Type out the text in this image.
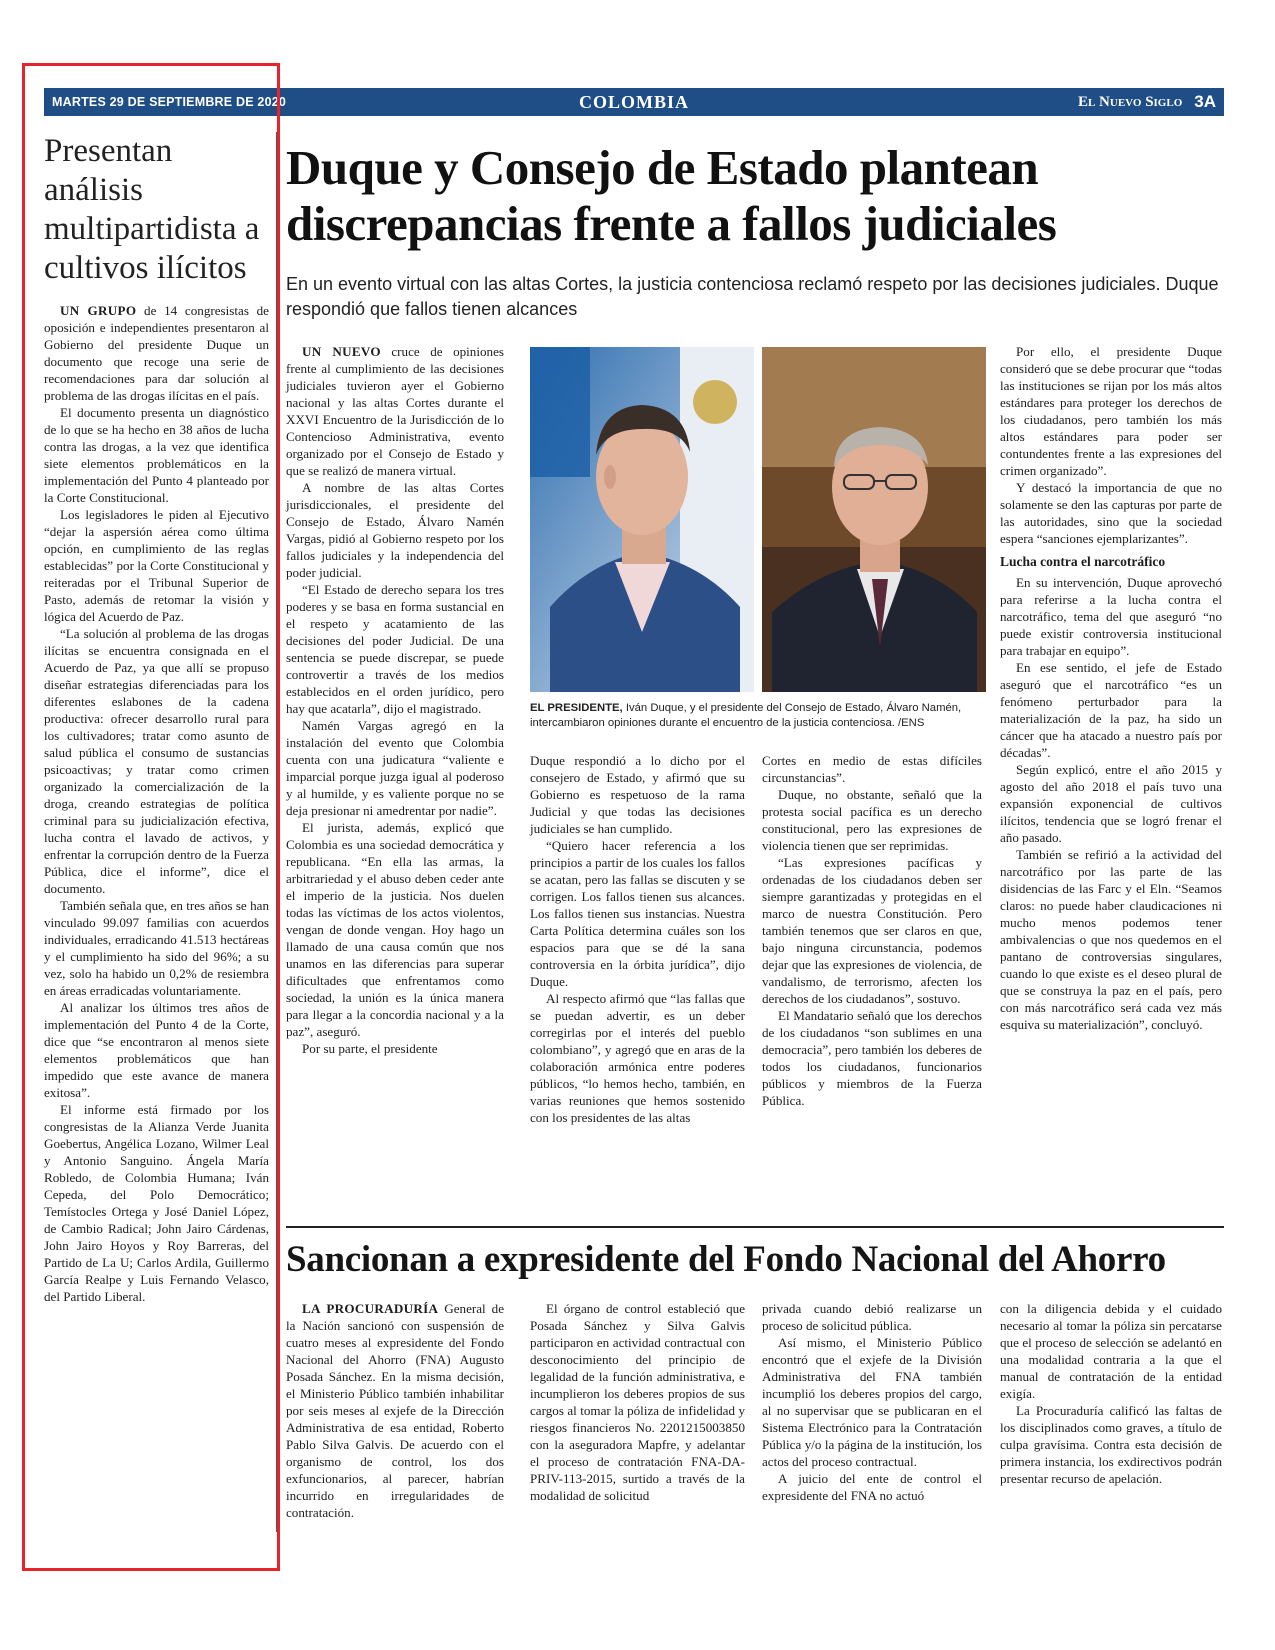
MARTES 29 DE SEPTIEMBRE DE 2020	COLOMBIA	El Nuevo Siglo 3A
Presentan análisis multipartidista a cultivos ilícitos

UN GRUPO de 14 congresistas de oposición e independientes presentaron al Gobierno del presidente Duque un documento que recoge una serie de recomendaciones para dar solución al problema de las drogas ilícitas en el país.

El documento presenta un diagnóstico de lo que se ha hecho en 38 años de lucha contra las drogas, a la vez que identifica siete elementos problemáticos en la implementación del Punto 4 planteado por la Corte Constitucional.

Los legisladores le piden al Ejecutivo “dejar la aspersión aérea como última opción, en cumplimiento de las reglas establecidas” por la Corte Constitucional y reiteradas por el Tribunal Superior de Pasto, además de retomar la visión y lógica del Acuerdo de Paz.

“La solución al problema de las drogas ilícitas se encuentra consignada en el Acuerdo de Paz, ya que allí se propuso diseñar estrategias diferenciadas para los diferentes eslabones de la cadena productiva: ofrecer desarrollo rural para los cultivadores; tratar como asunto de salud pública el consumo de sustancias psicoactivas; y tratar como crimen organizado la comercialización de la droga, creando estrategias de política criminal para su judicialización efectiva, lucha contra el lavado de activos, y enfrentar la corrupción dentro de la Fuerza Pública, dice el informe”, dice el documento.

También señala que, en tres años se han vinculado 99.097 familias con acuerdos individuales, erradicando 41.513 hectáreas y el cumplimiento ha sido del 96%; a su vez, solo ha habido un 0,2% de resiembra en áreas erradicadas voluntariamente.

Al analizar los últimos tres años de implementación del Punto 4 de la Corte, dice que “se encontraron al menos siete elementos problemáticos que han impedido que este avance de manera exitosa”.

El informe está firmado por los congresistas de la Alianza Verde Juanita Goebertus, Angélica Lozano, Wilmer Leal y Antonio Sanguino. Ángela María Robledo, de Colombia Humana; Iván Cepeda, del Polo Democrático; Temístocles Ortega y José Daniel López, de Cambio Radical; John Jairo Cárdenas, John Jairo Hoyos y Roy Barreras, del Partido de La U; Carlos Ardila, Guillermo García Realpe y Luis Fernando Velasco, del Partido Liberal.

Duque y Consejo de Estado plantean discrepancias frente a fallos judiciales
En un evento virtual con las altas Cortes, la justicia contenciosa reclamó respeto por las decisiones judiciales. Duque respondió que fallos tienen alcances

UN NUEVO cruce de opiniones frente al cumplimiento de las decisiones judiciales tuvieron ayer el Gobierno nacional y las altas Cortes durante el XXVI Encuentro de la Jurisdicción de lo Contencioso Administrativa, evento organizado por el Consejo de Estado y que se realizó de manera virtual.

A nombre de las altas Cortes jurisdiccionales, el presidente del Consejo de Estado, Álvaro Namén Vargas, pidió al Gobierno respeto por los fallos judiciales y la independencia del poder judicial.

“El Estado de derecho separa los tres poderes y se basa en forma sustancial en el respeto y acatamiento de las decisiones del poder Judicial. De una sentencia se puede discrepar, se puede controvertir a través de los medios establecidos en el orden jurídico, pero hay que acatarla”, dijo el magistrado.

Namén Vargas agregó en la instalación del evento que Colombia cuenta con una judicatura “valiente e imparcial porque juzga igual al poderoso y al humilde, y es valiente porque no se deja presionar ni amedrentar por nadie”.

El jurista, además, explicó que Colombia es una sociedad democrática y republicana. “En ella las armas, la arbitrariedad y el abuso deben ceder ante el imperio de la justicia. Nos duelen todas las víctimas de los actos violentos, vengan de donde vengan. Hoy hago un llamado de una causa común que nos unamos en las diferencias para superar dificultades que enfrentamos como sociedad, la unión es la única manera para llegar a la concordia nacional y a la paz”, aseguró.

Por su parte, el presidente

EL PRESIDENTE, Iván Duque, y el presidente del Consejo de Estado, Álvaro Namén, intercambiaron opiniones durante el encuentro de la justicia contenciosa. /ENS

Duque respondió a lo dicho por el consejero de Estado, y afirmó que su Gobierno es respetuoso de la rama Judicial y que todas las decisiones judiciales se han cumplido.

“Quiero hacer referencia a los principios a partir de los cuales los fallos se acatan, pero las fallas se discuten y se corrigen. Los fallos tienen sus alcances. Los fallos tienen sus instancias. Nuestra Carta Política determina cuáles son los espacios para que se dé la sana controversia en la órbita jurídica”, dijo Duque.

Al respecto afirmó que “las fallas que se puedan advertir, es un deber corregirlas por el interés del pueblo colombiano”, y agregó que en aras de la colaboración armónica entre poderes públicos, “lo hemos hecho, también, en varias reuniones que hemos sostenido con los presidentes de las altas

Cortes en medio de estas difíciles circunstancias”.

Duque, no obstante, señaló que la protesta social pacífica es un derecho constitucional, pero las expresiones de violencia tienen que ser reprimidas.

“Las expresiones pacíficas y ordenadas de los ciudadanos deben ser siempre garantizadas y protegidas en el marco de nuestra Constitución. Pero también tenemos que ser claros en que, bajo ninguna circunstancia, podemos dejar que las expresiones de violencia, de vandalismo, de terrorismo, afecten los derechos de los ciudadanos”, sostuvo.

El Mandatario señaló que los derechos de los ciudadanos “son sublimes en una democracia”, pero también los deberes de todos los ciudadanos, funcionarios públicos y miembros de la Fuerza Pública.

Por ello, el presidente Duque consideró que se debe procurar que “todas las instituciones se rijan por los más altos estándares para proteger los derechos de los ciudadanos, pero también los más altos estándares para poder ser contundentes frente a las expresiones del crimen organizado”.

Y destacó la importancia de que no solamente se den las capturas por parte de las autoridades, sino que la sociedad espera “sanciones ejemplarizantes”.

Lucha contra el narcotráfico

En su intervención, Duque aprovechó para referirse a la lucha contra el narcotráfico, tema del que aseguró “no puede existir controversia institucional para trabajar en equipo”.

En ese sentido, el jefe de Estado aseguró que el narcotráfico “es un fenómeno perturbador para la materialización de la paz, ha sido un cáncer que ha atacado a nuestro país por décadas”.

Según explicó, entre el año 2015 y agosto del año 2018 el país tuvo una expansión exponencial de cultivos ilícitos, tendencia que se logró frenar el año pasado.

También se refirió a la actividad del narcotráfico por las parte de las disidencias de las Farc y el Eln. “Seamos claros: no puede haber claudicaciones ni mucho menos podemos tener ambivalencias o que nos quedemos en el pantano de controversias singulares, cuando lo que existe es el deseo plural de que se construya la paz en el país, pero con más narcotráfico será cada vez más esquiva su materialización”, concluyó.

Sancionan a expresidente del Fondo Nacional del Ahorro

LA PROCURADURÍA General de la Nación sancionó con suspensión de cuatro meses al expresidente del Fondo Nacional del Ahorro (FNA) Augusto Posada Sánchez. En la misma decisión, el Ministerio Público también inhabilitar por seis meses al exjefe de la Dirección Administrativa de esa entidad, Roberto Pablo Silva Galvis. De acuerdo con el organismo de control, los dos exfuncionarios, al parecer, habrían incurrido en irregularidades de contratación.

El órgano de control estableció que Posada Sánchez y Silva Galvis participaron en actividad contractual con desconocimiento del principio de legalidad de la función administrativa, e incumplieron los deberes propios de sus cargos al tomar la póliza de infidelidad y riesgos financieros No. 2201215003850 con la aseguradora Mapfre, y adelantar el proceso de contratación FNA-DA-PRIV-113-2015, surtido a través de la modalidad de solicitud

privada cuando debió realizarse un proceso de solicitud pública.

Así mismo, el Ministerio Público encontró que el exjefe de la División Administrativa del FNA también incumplió los deberes propios del cargo, al no supervisar que se publicaran en el Sistema Electrónico para la Contratación Pública y/o la página de la institución, los actos del proceso contractual.

A juicio del ente de control el expresidente del FNA no actuó

con la diligencia debida y el cuidado necesario al tomar la póliza sin percatarse que el proceso de selección se adelantó en una modalidad contraria a la que el manual de contratación de la entidad exigía.

La Procuraduría calificó las faltas de los disciplinados como graves, a título de culpa gravísima. Contra esta decisión de primera instancia, los exdirectivos podrán presentar recurso de apelación.
